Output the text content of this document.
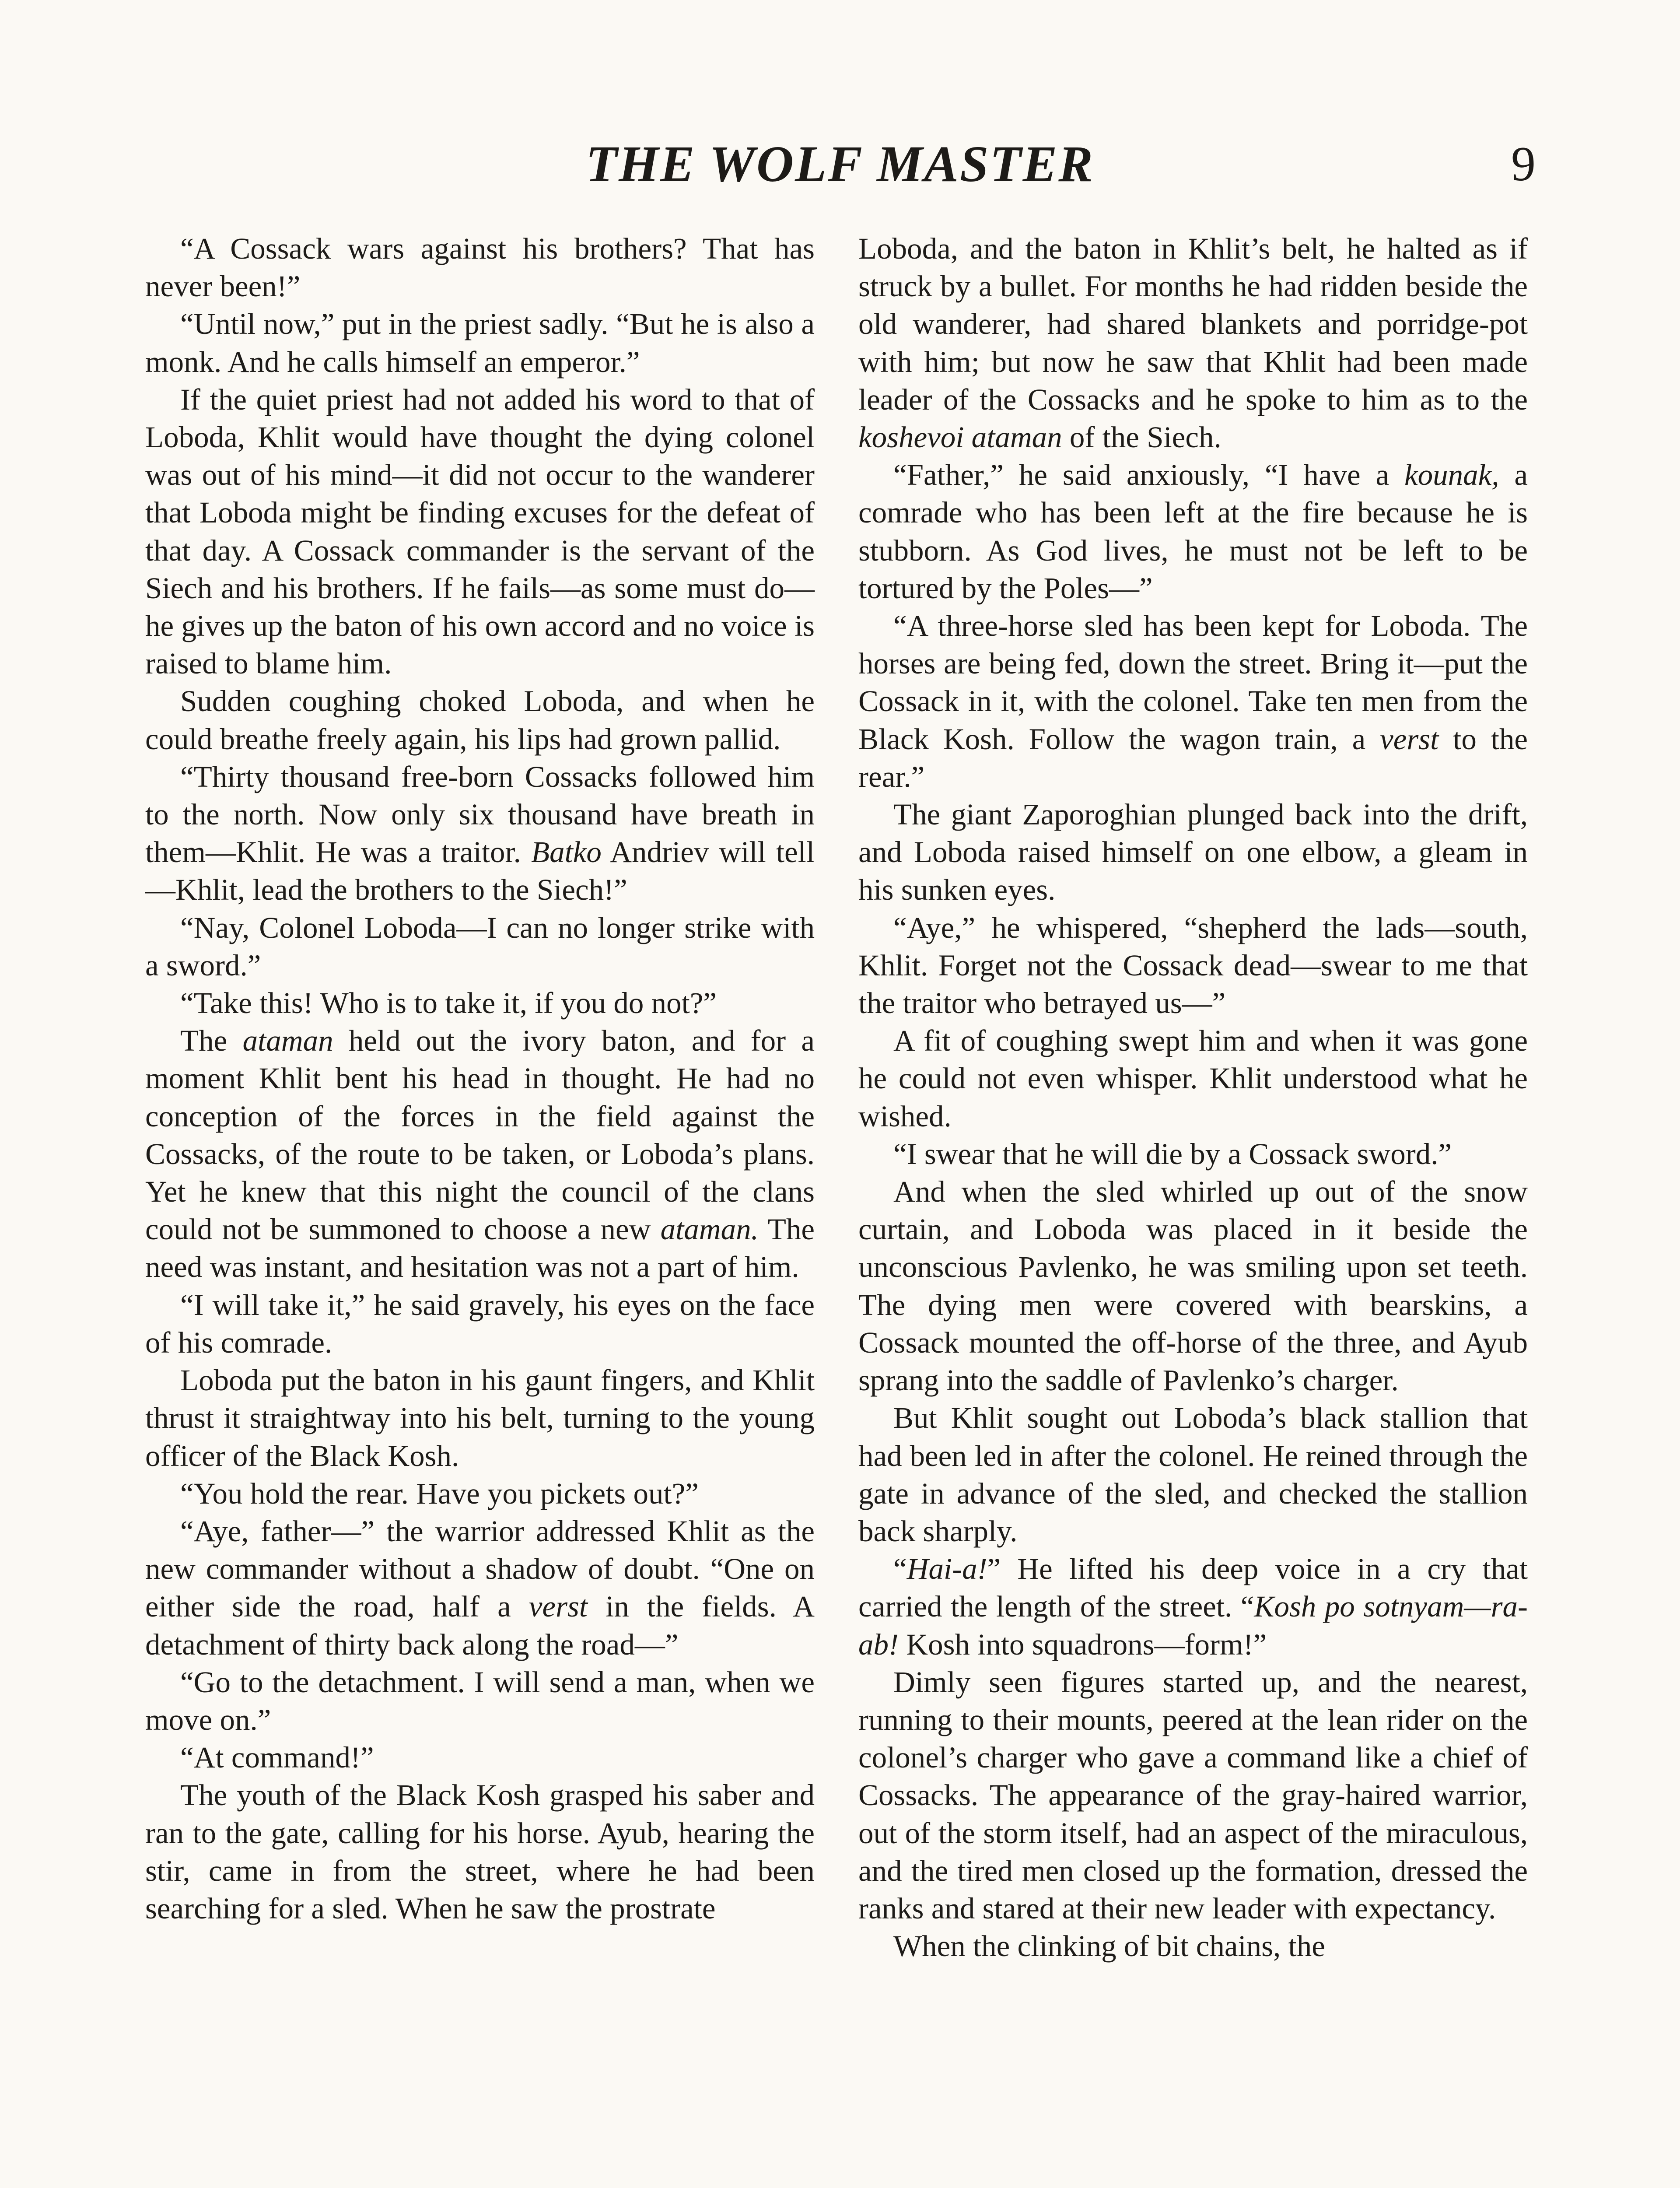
THE WOLF MASTER	9

“A Cossack wars against his brothers? That has never been!”

“Until now,” put in the priest sadly. “But he is also a monk. And he calls himself an emperor.”

If the quiet priest had not added his word to that of Loboda, Khlit would have thought the dying colonel was out of his mind—it did not occur to the wanderer that Loboda might be finding excuses for the defeat of that day. A Cossack commander is the servant of the Siech and his brothers. If he fails—as some must do—he gives up the baton of his own accord and no voice is raised to blame him.

Sudden coughing choked Loboda, and when he could breathe freely again, his lips had grown pallid.

“Thirty thousand free-born Cossacks followed him to the north. Now only six thousand have breath in them—Khlit. He was a traitor. Batko Andriev will tell—Khlit, lead the brothers to the Siech!”

“Nay, Colonel Loboda—I can no longer strike with a sword.”

“Take this! Who is to take it, if you do not?”

The ataman held out the ivory baton, and for a moment Khlit bent his head in thought. He had no conception of the forces in the field against the Cossacks, of the route to be taken, or Loboda’s plans. Yet he knew that this night the council of the clans could not be summoned to choose a new ataman. The need was instant, and hesitation was not a part of him.

“I will take it,” he said gravely, his eyes on the face of his comrade.

Loboda put the baton in his gaunt fingers, and Khlit thrust it straightway into his belt, turning to the young officer of the Black Kosh.

“You hold the rear. Have you pickets out?”

“Aye, father—” the warrior addressed Khlit as the new commander without a shadow of doubt. “One on either side the road, half a verst in the fields. A detachment of thirty back along the road—”

“Go to the detachment. I will send a man, when we move on.”

“At command!”

The youth of the Black Kosh grasped his saber and ran to the gate, calling for his horse. Ayub, hearing the stir, came in from the street, where he had been searching for a sled. When he saw the prostrate

Loboda, and the baton in Khlit’s belt, he halted as if struck by a bullet. For months he had ridden beside the old wanderer, had shared blankets and porridge-pot with him; but now he saw that Khlit had been made leader of the Cossacks and he spoke to him as to the koshevoi ataman of the Siech.

“Father,” he said anxiously, “I have a kounak, a comrade who has been left at the fire because he is stubborn. As God lives, he must not be left to be tortured by the Poles—”

“A three-horse sled has been kept for Loboda. The horses are being fed, down the street. Bring it—put the Cossack in it, with the colonel. Take ten men from the Black Kosh. Follow the wagon train, a verst to the rear.”

The giant Zaporoghian plunged back into the drift, and Loboda raised himself on one elbow, a gleam in his sunken eyes.

“Aye,” he whispered, “shepherd the lads—south, Khlit. Forget not the Cossack dead—swear to me that the traitor who betrayed us—”

A fit of coughing swept him and when it was gone he could not even whisper. Khlit understood what he wished.

“I swear that he will die by a Cossack sword.”

And when the sled whirled up out of the snow curtain, and Loboda was placed in it beside the unconscious Pavlenko, he was smiling upon set teeth. The dying men were covered with bearskins, a Cossack mounted the off-horse of the three, and Ayub sprang into the saddle of Pavlenko’s charger.

But Khlit sought out Loboda’s black stallion that had been led in after the colonel. He reined through the gate in advance of the sled, and checked the stallion back sharply.

“Hai-a!” He lifted his deep voice in a cry that carried the length of the street. “Kosh po sotnyam—ra-ab! Kosh into squadrons—form!”

Dimly seen figures started up, and the nearest, running to their mounts, peered at the lean rider on the colonel’s charger who gave a command like a chief of Cossacks. The appearance of the gray-haired warrior, out of the storm itself, had an aspect of the miraculous, and the tired men closed up the formation, dressed the ranks and stared at their new leader with expectancy.

When the clinking of bit chains, the
